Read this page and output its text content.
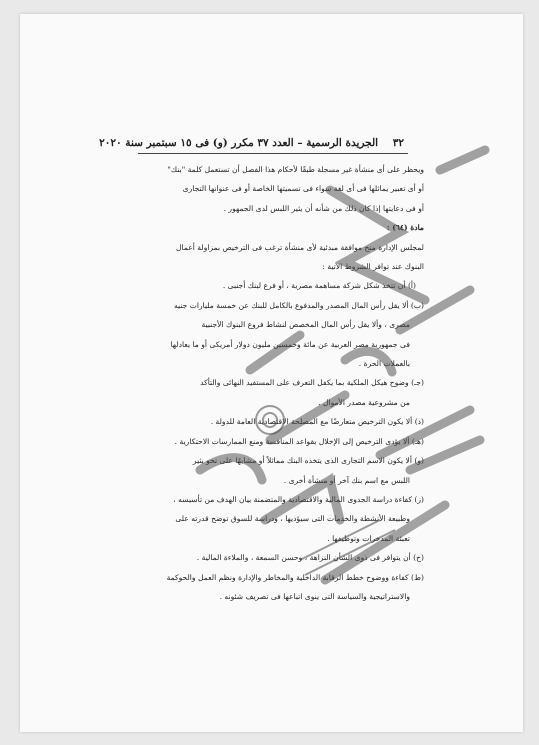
٣٢    الجريدة الرسمية – العدد ٣٧ مكرر (و) فى ١٥ سبتمبر سنة ٢٠٢٠
ويحظر على أى منشأة غير مسجلة طبقًا لأحكام هذا الفصل أن تستعمل كلمة "بنك"
أو أى تعبير يماثلها فى أى لغة سواء فى تسميتها الخاصة أو فى عنوانها التجارى
أو فى دعايتها إذا كان ذلك من شأنه أن يثير اللبس لدى الجمهور .
مادة (٦٤) :
لمجلس الإدارة منح موافقة مبدئية لأى منشأة ترغب فى الترخيص بمزاولة أعمال
البنوك عند توافر الشروط الآتية :
(أ) أن تتخذ شكل شركة مساهمة مصرية ، أو فرع لبنك أجنبى .
(ب) ألا يقل رأس المال المصدر والمدفوع بالكامل للبنك عن خمسة مليارات جنيه
مصرى ، وألا يقل رأس المال المخصص لنشاط فروع البنوك الأجنبية
فى جمهورية مصر العربية عن مائة وخمسين مليون دولار أمريكى أو ما يعادلها
بالعملات الحرة .
(جـ) وضوح هيكل الملكية بما يكفل التعرف على المستفيد النهائى والتأكد
من مشروعية مصدر الأموال .
(د) ألا يكون الترخيص متعارضًا مع المصلحة الاقتصادية العامة للدولة .
(هـ) ألا يؤدى الترخيص إلى الإخلال بقواعد المنافسة ومنع الممارسات الاحتكارية .
(و) ألا يكون الاسم التجارى الذى يتخذه البنك مماثلاً أو مشابهًا على نحو يثير
اللبس مع اسم بنك آخر أو منشأة أخرى .
(ز) كفاءة دراسة الجدوى المالية والاقتصادية والمتضمنة بيان الهدف من تأسيسه ،
وطبيعة الأنشطة والخدمات التى سيؤديها ، ودراسة للسوق توضح قدرته على
تعبئة المدخرات وتوظيفها .
(ح) أن يتوافر فى ذوى الشأن النزاهة ، وحسن السمعة ، والملاءة المالية .
(ط) كفاءة ووضوح خطط الرقابة الداخلية والمخاطر والإدارة ونظم العمل والحوكمة
والاستراتيجية والسياسة التى ينوى اتباعها فى تصريف شئونه .
